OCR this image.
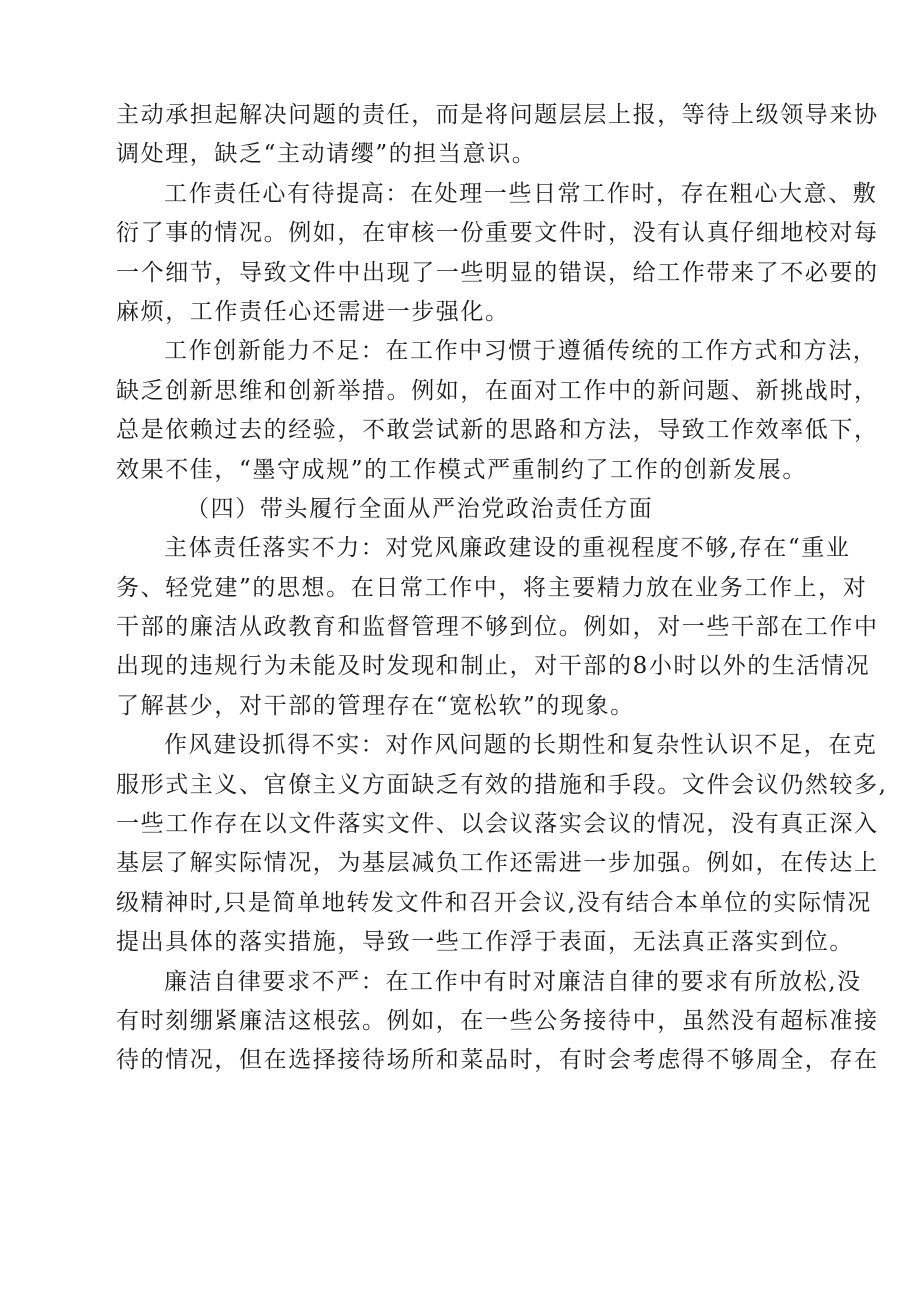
主动承担起解决问题的责任，而是将问题层层上报，等待上级领导来协
调处理，缺乏“主动请缨”的担当意识。
工作责任心有待提高：在处理一些日常工作时，存在粗心大意、敷
衍了事的情况。例如，在审核一份重要文件时，没有认真仔细地校对每
一个细节，导致文件中出现了一些明显的错误，给工作带来了不必要的
麻烦，工作责任心还需进一步强化。
工作创新能力不足：在工作中习惯于遵循传统的工作方式和方法，
缺乏创新思维和创新举措。例如，在面对工作中的新问题、新挑战时，
总是依赖过去的经验，不敢尝试新的思路和方法，导致工作效率低下，
效果不佳，“墨守成规”的工作模式严重制约了工作的创新发展。
（四）带头履行全面从严治党政治责任方面
主体责任落实不力：对党风廉政建设的重视程度不够,存在“重业
务、轻党建”的思想。在日常工作中，将主要精力放在业务工作上，对
干部的廉洁从政教育和监督管理不够到位。例如，对一些干部在工作中
出现的违规行为未能及时发现和制止，对干部的8小时以外的生活情况
了解甚少，对干部的管理存在“宽松软”的现象。
作风建设抓得不实：对作风问题的长期性和复杂性认识不足，在克
服形式主义、官僚主义方面缺乏有效的措施和手段。文件会议仍然较多,
一些工作存在以文件落实文件、以会议落实会议的情况，没有真正深入
基层了解实际情况，为基层减负工作还需进一步加强。例如，在传达上
级精神时,只是简单地转发文件和召开会议,没有结合本单位的实际情况
提出具体的落实措施，导致一些工作浮于表面，无法真正落实到位。
廉洁自律要求不严：在工作中有时对廉洁自律的要求有所放松,没
有时刻绷紧廉洁这根弦。例如，在一些公务接待中，虽然没有超标准接
待的情况，但在选择接待场所和菜品时，有时会考虑得不够周全，存在
